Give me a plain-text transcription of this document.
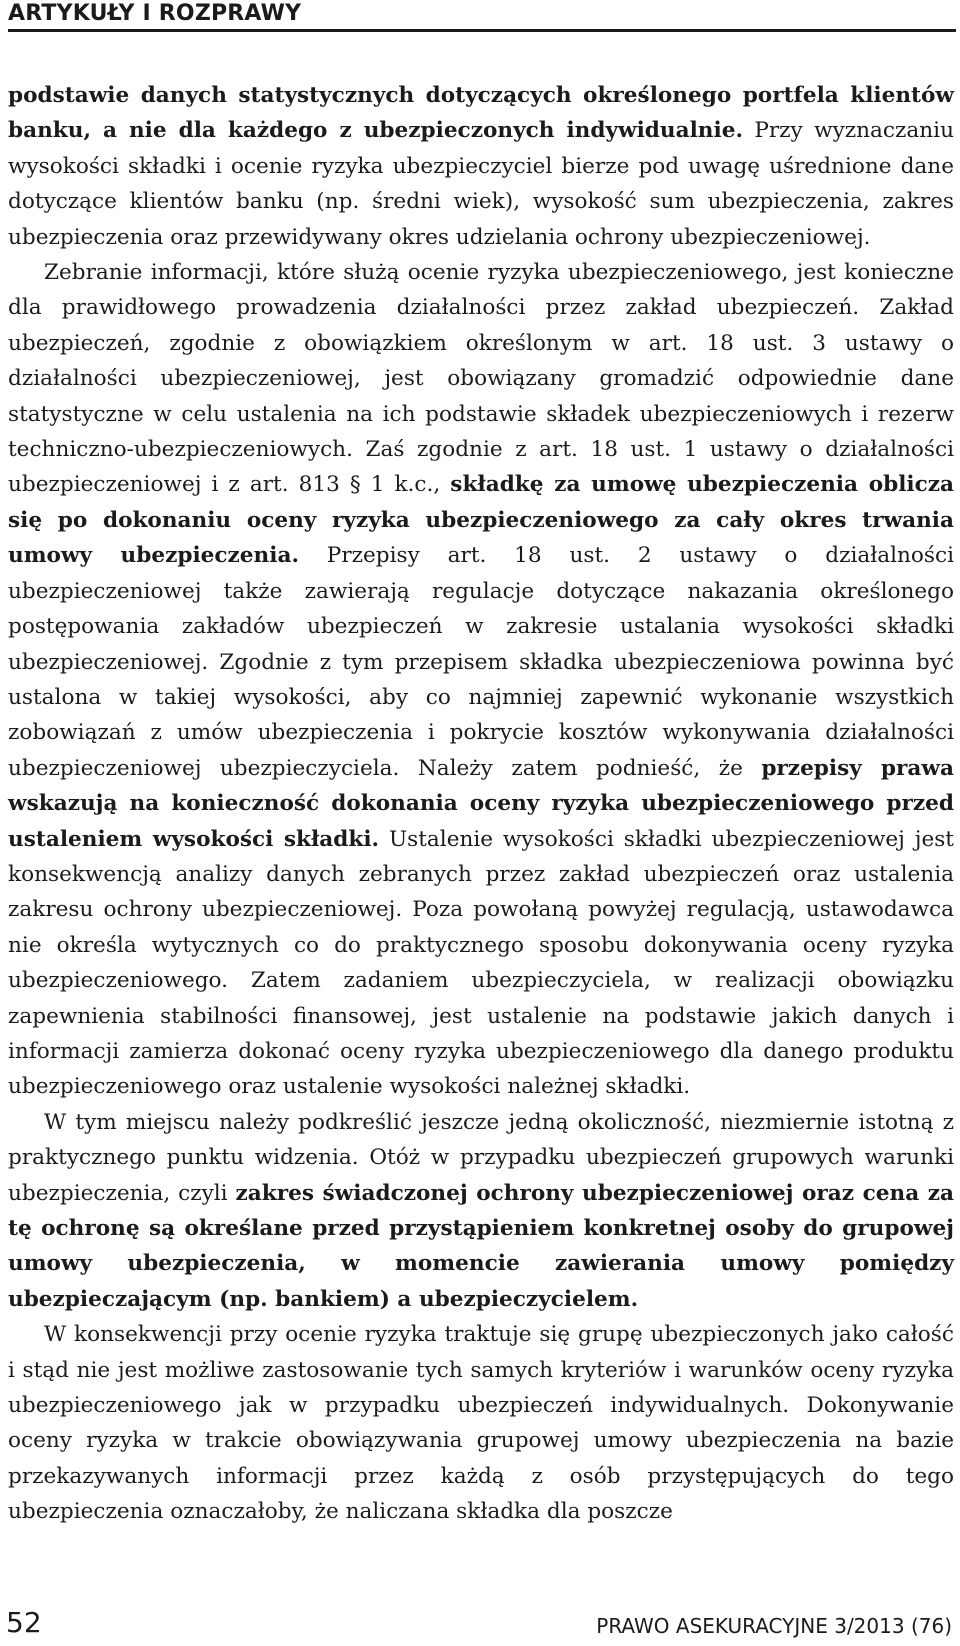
ARTYKUŁY I ROZPRAWY

podstawie danych statystycznych dotyczących określonego portfela klientów banku, a nie dla każdego z ubezpieczonych indywidualnie. Przy wyznaczaniu wysokości składki i ocenie ryzyka ubezpieczyciel bierze pod uwagę uśrednione dane dotyczące klientów banku (np. średni wiek), wysokość sum ubezpieczenia, zakres ubezpieczenia oraz przewidywany okres udzielania ochrony ubezpieczeniowej.

Zebranie informacji, które służą ocenie ryzyka ubezpieczeniowego, jest konieczne dla prawidłowego prowadzenia działalności przez zakład ubezpieczeń. Zakład ubezpieczeń, zgodnie z obowiązkiem określonym w art. 18 ust. 3 ustawy o działalności ubezpieczeniowej, jest obowiązany gromadzić odpowiednie dane statystyczne w celu ustalenia na ich podstawie składek ubezpieczeniowych i rezerw techniczno-ubezpieczeniowych. Zaś zgodnie z art. 18 ust. 1 ustawy o działalności ubezpieczeniowej i z art. 813 § 1 k.c., składkę za umowę ubezpieczenia oblicza się po dokonaniu oceny ryzyka ubezpieczeniowego za cały okres trwania umowy ubezpieczenia. Przepisy art. 18 ust. 2 ustawy o działalności ubezpieczeniowej także zawierają regulacje dotyczące nakazania określonego postępowania zakładów ubezpieczeń w zakresie ustalania wysokości składki ubezpieczeniowej. Zgodnie z tym przepisem składka ubezpieczeniowa powinna być ustalona w takiej wysokości, aby co najmniej zapewnić wykonanie wszystkich zobowiązań z umów ubezpieczenia i pokrycie kosztów wykonywania działalności ubezpieczeniowej ubezpieczyciela. Należy zatem podnieść, że przepisy prawa wskazują na konieczność dokonania oceny ryzyka ubezpieczeniowego przed ustaleniem wysokości składki. Ustalenie wysokości składki ubezpieczeniowej jest konsekwencją analizy danych zebranych przez zakład ubezpieczeń oraz ustalenia zakresu ochrony ubezpieczeniowej. Poza powołaną powyżej regulacją, ustawodawca nie określa wytycznych co do praktycznego sposobu dokonywania oceny ryzyka ubezpieczeniowego. Zatem zadaniem ubezpieczyciela, w realizacji obowiązku zapewnienia stabilności finansowej, jest ustalenie na podstawie jakich danych i informacji zamierza dokonać oceny ryzyka ubezpieczeniowego dla danego produktu ubezpieczeniowego oraz ustalenie wysokości należnej składki.

W tym miejscu należy podkreślić jeszcze jedną okoliczność, niezmiernie istotną z praktycznego punktu widzenia. Otóż w przypadku ubezpieczeń grupowych warunki ubezpieczenia, czyli zakres świadczonej ochrony ubezpieczeniowej oraz cena za tę ochronę są określane przed przystąpieniem konkretnej osoby do grupowej umowy ubezpieczenia, w momencie zawierania umowy pomiędzy ubezpieczającym (np. bankiem) a ubezpieczycielem.

W konsekwencji przy ocenie ryzyka traktuje się grupę ubezpieczonych jako całość i stąd nie jest możliwe zastosowanie tych samych kryteriów i warunków oceny ryzyka ubezpieczeniowego jak w przypadku ubezpieczeń indywidualnych. Dokonywanie oceny ryzyka w trakcie obowiązywania grupowej umowy ubezpieczenia na bazie przekazywanych informacji przez każdą z osób przystępujących do tego ubezpieczenia oznaczałoby, że naliczana składka dla poszcze

52	PRAWO ASEKURACYJNE 3/2013 (76)
